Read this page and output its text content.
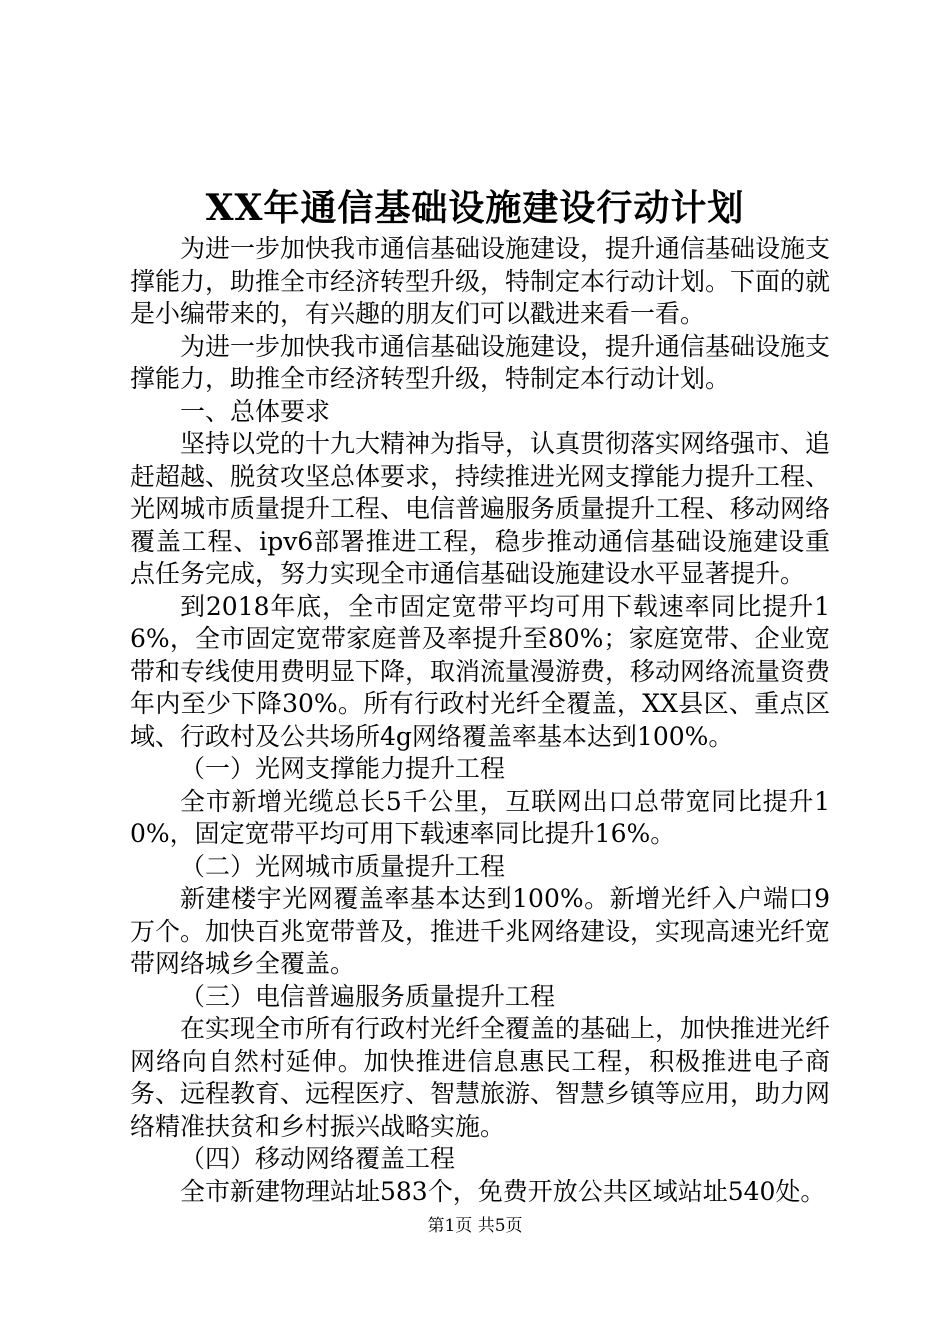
XX年通信基础设施建设行动计划

为进一步加快我市通信基础设施建设，提升通信基础设施支撑能力，助推全市经济转型升级，特制定本行动计划。下面的就是小编带来的，有兴趣的朋友们可以戳进来看一看。

为进一步加快我市通信基础设施建设，提升通信基础设施支撑能力，助推全市经济转型升级，特制定本行动计划。

一、总体要求

坚持以党的十九大精神为指导，认真贯彻落实网络强市、追赶超越、脱贫攻坚总体要求，持续推进光网支撑能力提升工程、光网城市质量提升工程、电信普遍服务质量提升工程、移动网络覆盖工程、ipv6部署推进工程，稳步推动通信基础设施建设重点任务完成，努力实现全市通信基础设施建设水平显著提升。

到2018年底，全市固定宽带平均可用下载速率同比提升16%，全市固定宽带家庭普及率提升至80%；家庭宽带、企业宽带和专线使用费明显下降，取消流量漫游费，移动网络流量资费年内至少下降30%。所有行政村光纤全覆盖，XX县区、重点区域、行政村及公共场所4g网络覆盖率基本达到100%。

（一）光网支撑能力提升工程

全市新增光缆总长5千公里，互联网出口总带宽同比提升10%，固定宽带平均可用下载速率同比提升16%。

（二）光网城市质量提升工程

新建楼宇光网覆盖率基本达到100%。新增光纤入户端口9万个。加快百兆宽带普及，推进千兆网络建设，实现高速光纤宽带网络城乡全覆盖。

（三）电信普遍服务质量提升工程

在实现全市所有行政村光纤全覆盖的基础上，加快推进光纤网络向自然村延伸。加快推进信息惠民工程，积极推进电子商务、远程教育、远程医疗、智慧旅游、智慧乡镇等应用，助力网络精准扶贫和乡村振兴战略实施。

（四）移动网络覆盖工程

全市新建物理站址583个，免费开放公共区域站址540处。

第1页 共5页
